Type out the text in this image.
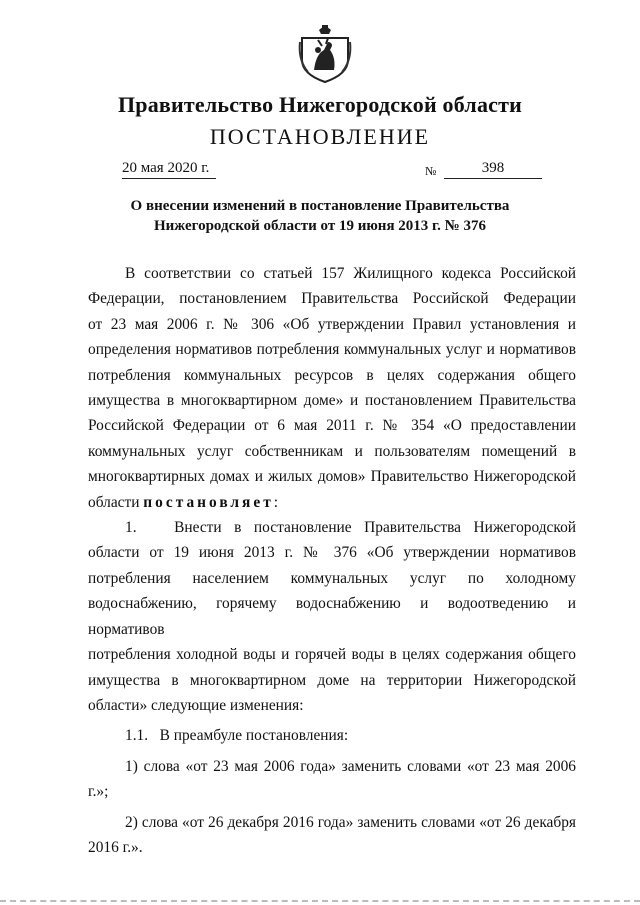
Правительство Нижегородской области
ПОСТАНОВЛЕНИЕ
20 мая 2020 г.	№	398
О внесении изменений в постановление Правительства
Нижегородской области от 19 июня 2013 г. № 376

В соответствии со статьей 157 Жилищного кодекса Российской

Федерации, постановлением Правительства Российской Федерации

от 23 мая 2006 г. № 306 «Об утверждении Правил установления и

определения нормативов потребления коммунальных услуг и нормативов

потребления коммунальных ресурсов в целях содержания общего

имущества в многоквартирном доме» и постановлением Правительства

Российской Федерации от 6 мая 2011 г. № 354 «О предоставлении

коммунальных услуг собственникам и пользователям помещений в

многоквартирных домах и жилых домов» Правительство Нижегородской

области постановляет:

1.      Внести  в  постановление  Правительства  Нижегородской

области от 19 июня 2013 г. № 376 «Об утверждении нормативов

потребления населением коммунальных услуг по холодному

водоснабжению, горячему водоснабжению и водоотведению и нормативов

потребления холодной воды и горячей воды в целях содержания общего

имущества в многоквартирном доме на территории Нижегородской

области» следующие изменения:

1.1.   В преамбуле постановления:

1) слова «от 23 мая 2006 года» заменить словами «от 23 мая 2006 г.»;

2) слова «от 26 декабря 2016 года» заменить словами «от 26 декабря

2016 г.».
